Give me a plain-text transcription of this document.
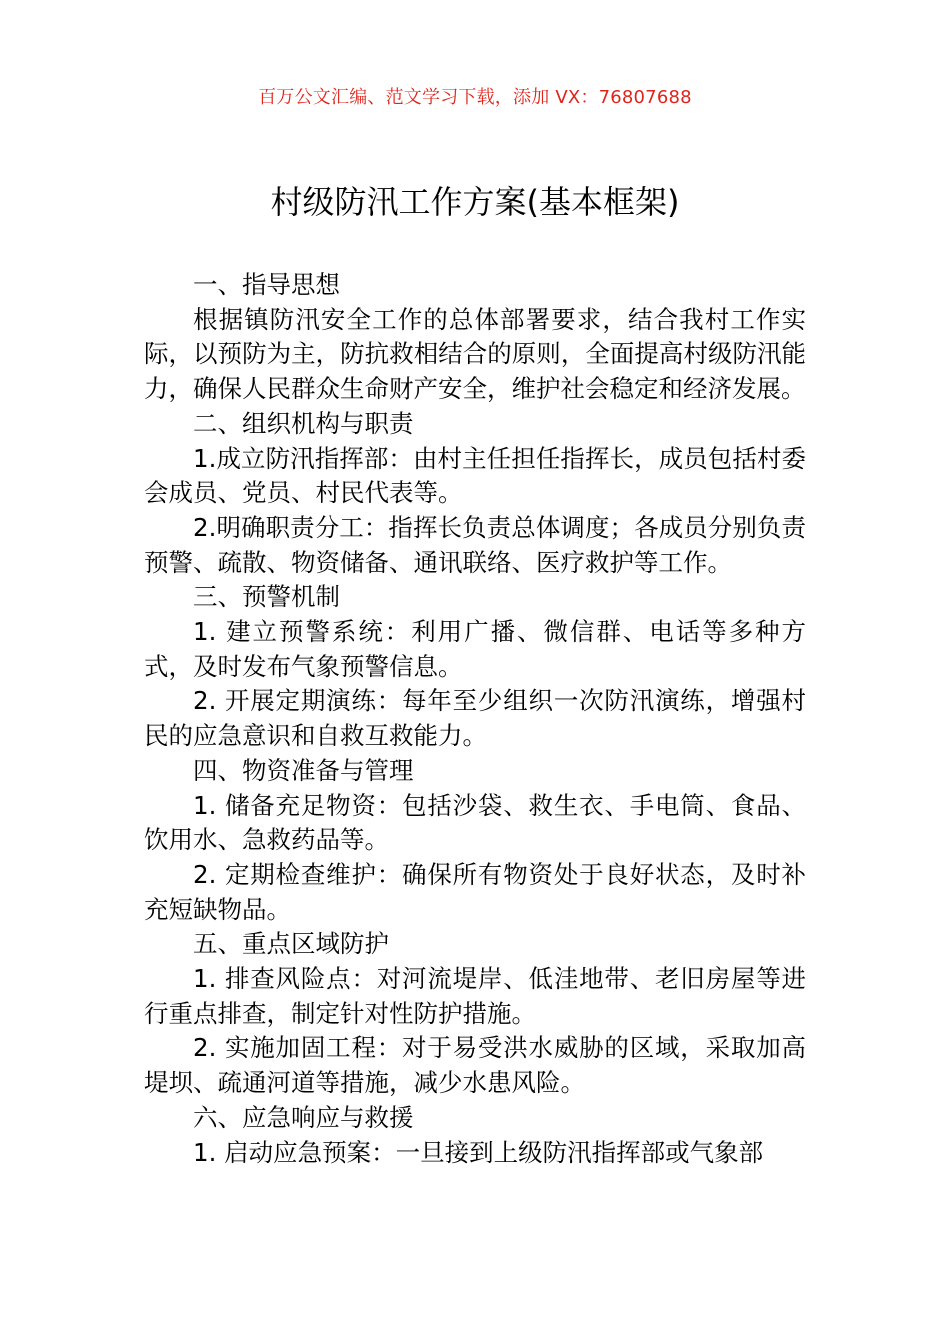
百万公文汇编、范文学习下载，添加 VX：76807688
村级防汛工作方案(基本框架)

一、指导思想

根据镇防汛安全工作的总体部署要求，结合我村工作实际，以预防为主，防抗救相结合的原则，全面提高村级防汛能力，确保人民群众生命财产安全，维护社会稳定和经济发展。

二、组织机构与职责

1.成立防汛指挥部：由村主任担任指挥长，成员包括村委会成员、党员、村民代表等。

2.明确职责分工：指挥长负责总体调度；各成员分别负责预警、疏散、物资储备、通讯联络、医疗救护等工作。

三、预警机制

1. 建立预警系统：利用广播、微信群、电话等多种方式，及时发布气象预警信息。

2. 开展定期演练：每年至少组织一次防汛演练，增强村民的应急意识和自救互救能力。

四、物资准备与管理

1. 储备充足物资：包括沙袋、救生衣、手电筒、食品、饮用水、急救药品等。

2. 定期检查维护：确保所有物资处于良好状态，及时补充短缺物品。

五、重点区域防护

1. 排查风险点：对河流堤岸、低洼地带、老旧房屋等进行重点排查，制定针对性防护措施。

2. 实施加固工程：对于易受洪水威胁的区域，采取加高堤坝、疏通河道等措施，减少水患风险。

六、应急响应与救援

1. 启动应急预案：一旦接到上级防汛指挥部或气象部
